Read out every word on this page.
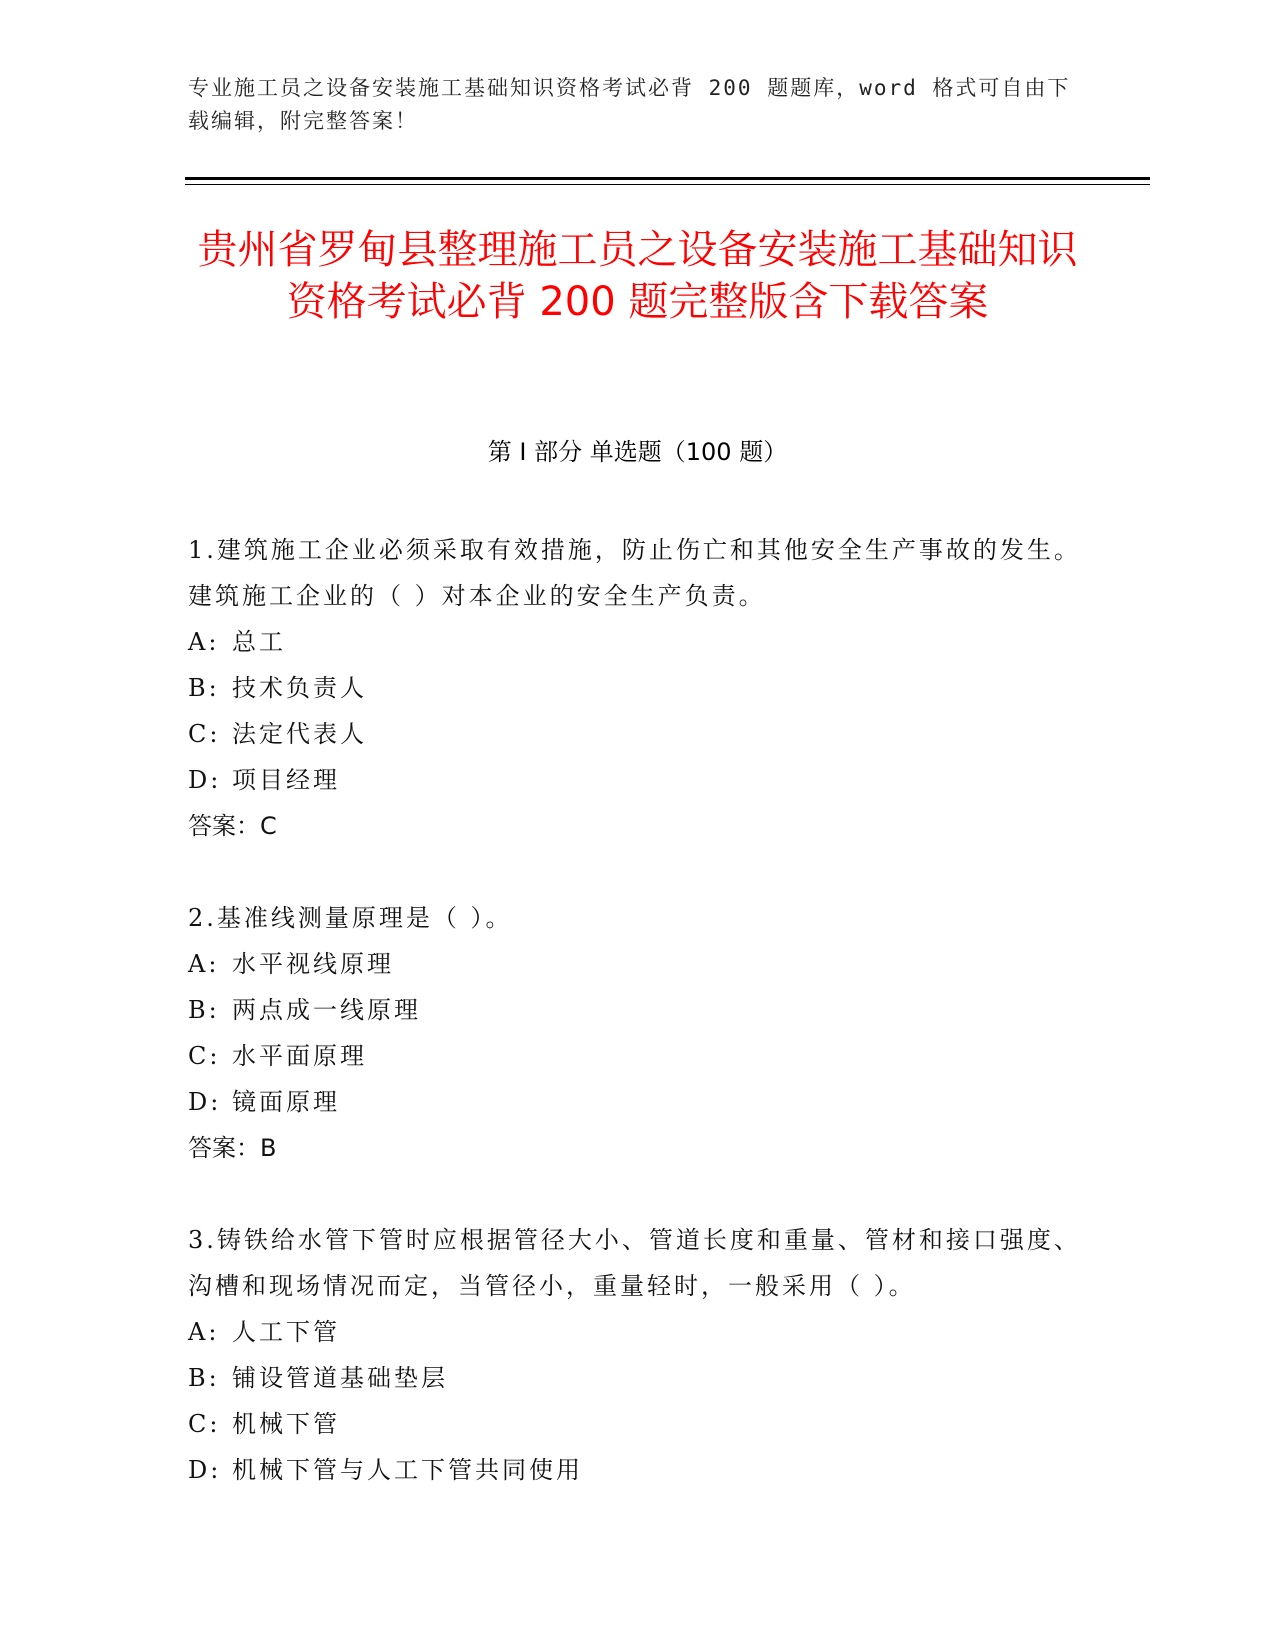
专业施工员之设备安装施工基础知识资格考试必背 200 题题库，word 格式可自由下载编辑，附完整答案！
贵州省罗甸县整理施工员之设备安装施工基础知识资格考试必背 200 题完整版含下载答案
第 I 部分 单选题（100 题）
1.建筑施工企业必须采取有效措施，防止伤亡和其他安全生产事故的发生。建筑施工企业的（ ）对本企业的安全生产负责。
A: 总工
B: 技术负责人
C: 法定代表人
D: 项目经理
答案：C
2.基准线测量原理是（ ）。
A: 水平视线原理
B: 两点成一线原理
C: 水平面原理
D: 镜面原理
答案：B
3.铸铁给水管下管时应根据管径大小、管道长度和重量、管材和接口强度、沟槽和现场情况而定，当管径小，重量轻时，一般采用（ ）。
A: 人工下管
B: 铺设管道基础垫层
C: 机械下管
D: 机械下管与人工下管共同使用
